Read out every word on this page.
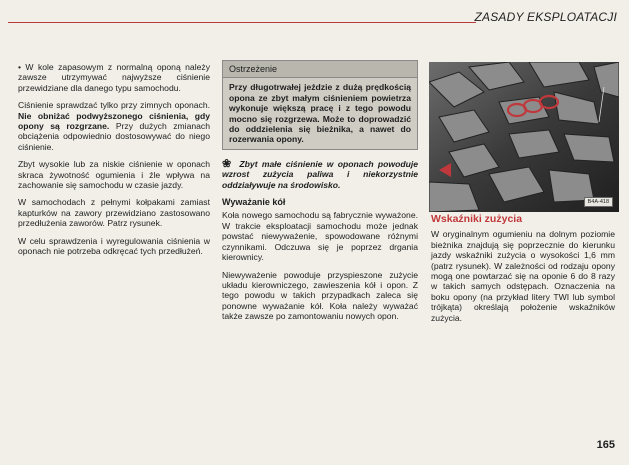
ZASADY EKSPLOATACJI

• W kole zapasowym z normalną oponą należy zawsze utrzymywać najwyższe ciśnienie przewidziane dla danego typu samochodu.

Ciśnienie sprawdzać tylko przy zimnych oponach. Nie obniżać podwyższonego ciśnienia, gdy opony są rozgrzane. Przy dużych zmianach obciążenia odpowiednio dostosowywać do niego ciśnienie.

Zbyt wysokie lub za niskie ciśnienie w oponach skraca żywotność ogumienia i źle wpływa na zachowanie się samochodu w czasie jazdy.

W samochodach z pełnymi kołpakami zamiast kapturków na zawory przewidziano zastosowano przedłużenia zaworów. Patrz rysunek.

W celu sprawdzenia i wyregulowania ciśnienia w oponach nie potrzeba odkręcać tych przedłużeń.

Ostrzeżenie
Przy długotrwałej jeździe z dużą prędkością opona ze zbyt małym ciśnieniem powietrza wykonuje większą pracę i z tego powodu mocno się rozgrzewa. Może to doprowadzić do oddzielenia się bieżnika, a nawet do rozerwania opony.

❀ Zbyt małe ciśnienie w oponach powoduje wzrost zużycia paliwa i niekorzystnie oddziaływuje na środowisko.

Wyważanie kół

Koła nowego samochodu są fabrycznie wyważone. W trakcie eksploatacji samochodu może jednak powstać niewyważenie, spowodowane różnymi czynnikami. Odczuwa się je poprzez drgania kierownicy.

Niewyważenie powoduje przyspieszone zużycie układu kierowniczego, zawieszenia kół i opon. Z tego powodu w takich przypadkach zaleca się ponowne wyważanie kół. Koła należy wyważać także zawsze po zamontowaniu nowych opon.

B4A-418
Wskaźniki zużycia

W oryginalnym ogumieniu na dolnym poziomie bieżnika znajdują się poprzecznie do kierunku jazdy wskaźniki zużycia o wysokości 1,6 mm (patrz rysunek). W zależności od rodzaju opony mogą one powtarzać się na oponie 6 do 8 razy w takich samych odstępach. Oznaczenia na boku opony (na przykład litery TWI lub symbol trójkąta) określają położenie wskaźników zużycia.

165
